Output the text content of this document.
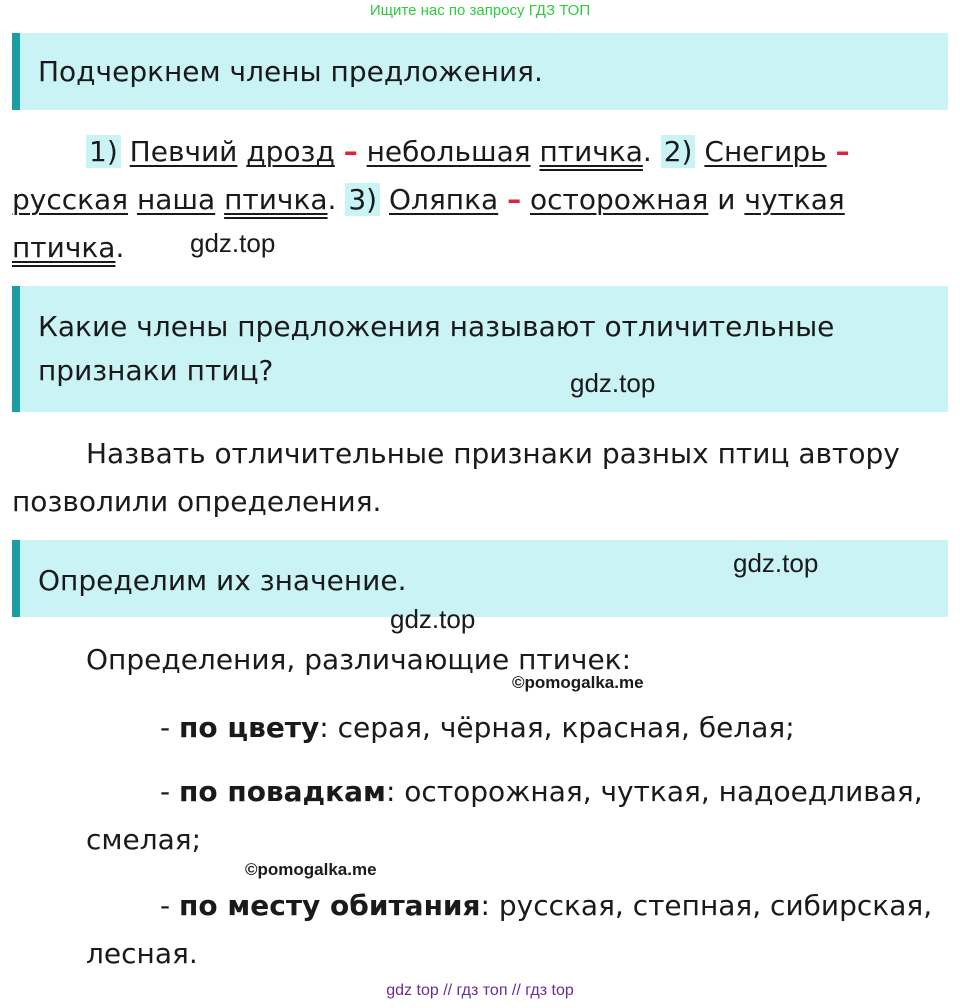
Ищите нас по запросу ГДЗ ТОП
Подчеркнем члены предложения.
1) Певчий дрозд – небольшая птичка. 2) Снегирь –
русская наша птичка. 3) Оляпка – осторожная и чуткая
птичка.	gdz.top
Какие члены предложения называют отличительные
признаки птиц?	gdz.top
Назвать отличительные признаки разных птиц автору
позволили определения.
Определим их значение.
gdz.top
gdz.top
Определения, различающие птичек:
©pomogalka.me
- по цвету: серая, чёрная, красная, белая;
- по повадкам: осторожная, чуткая, надоедливая,
смелая;
©pomogalka.me
- по месту обитания: русская, степная, сибирская,
лесная.
gdz top // гдз топ // гдз top
